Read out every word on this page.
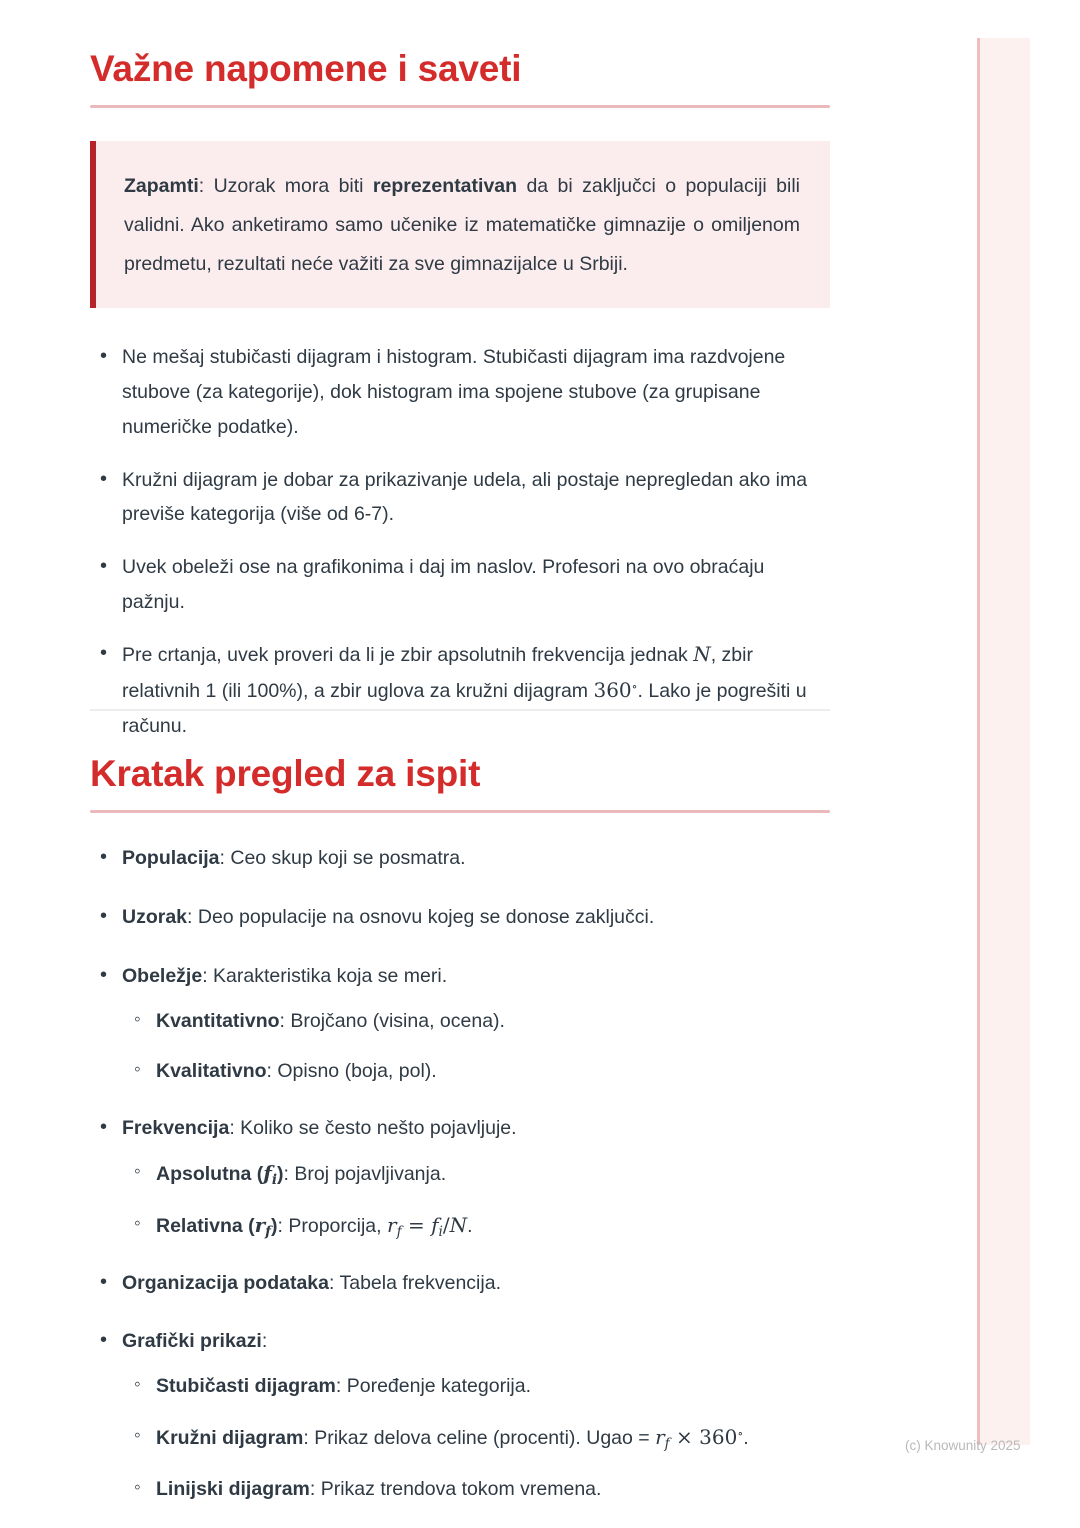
Važne napomene i saveti

Zapamti: Uzorak mora biti reprezentativan da bi zaključci o populaciji bili validni. Ako anketiramo samo učenike iz matematičke gimnazije o omiljenom predmetu, rezultati neće važiti za sve gimnazijalce u Srbiji.

• Ne mešaj stubičasti dijagram i histogram. Stubičasti dijagram ima razdvojene stubove (za kategorije), dok histogram ima spojene stubove (za grupisane numeričke podatke).
• Kružni dijagram je dobar za prikazivanje udela, ali postaje nepregledan ako ima previše kategorija (više od 6-7).
• Uvek obeleži ose na grafikonima i daj im naslov. Profesori na ovo obraćaju pažnju.
• Pre crtanja, uvek proveri da li je zbir apsolutnih frekvencija jednak N, zbir relativnih 1 (ili 100%), a zbir uglova za kružni dijagram 360∘. Lako je pogrešiti u računu.
Kratak pregled za ispit
• Populacija: Ceo skup koji se posmatra.
• Uzorak: Deo populacije na osnovu kojeg se donose zaključci.
• Obeležje: Karakteristika koja se meri.
◦ Kvantitativno: Brojčano (visina, ocena).
◦ Kvalitativno: Opisno (boja, pol).
• Frekvencija: Koliko se često nešto pojavljuje.
◦ Apsolutna $(f_i)$: Broj pojavljivanja.
◦ Relativna $(r_f)$: Proporcija, $r_f = f_i/N$.
• Organizacija podataka: Tabela frekvencija.
• Grafički prikazi:
◦ Stubičasti dijagram: Poređenje kategorija.
◦ Kružni dijagram: Prikaz delova celine (procenti). Ugao = $r_f \times 360^\circ$.
◦ Linijski dijagram: Prikaz trendova tokom vremena.
(c) Knowunity 2025
